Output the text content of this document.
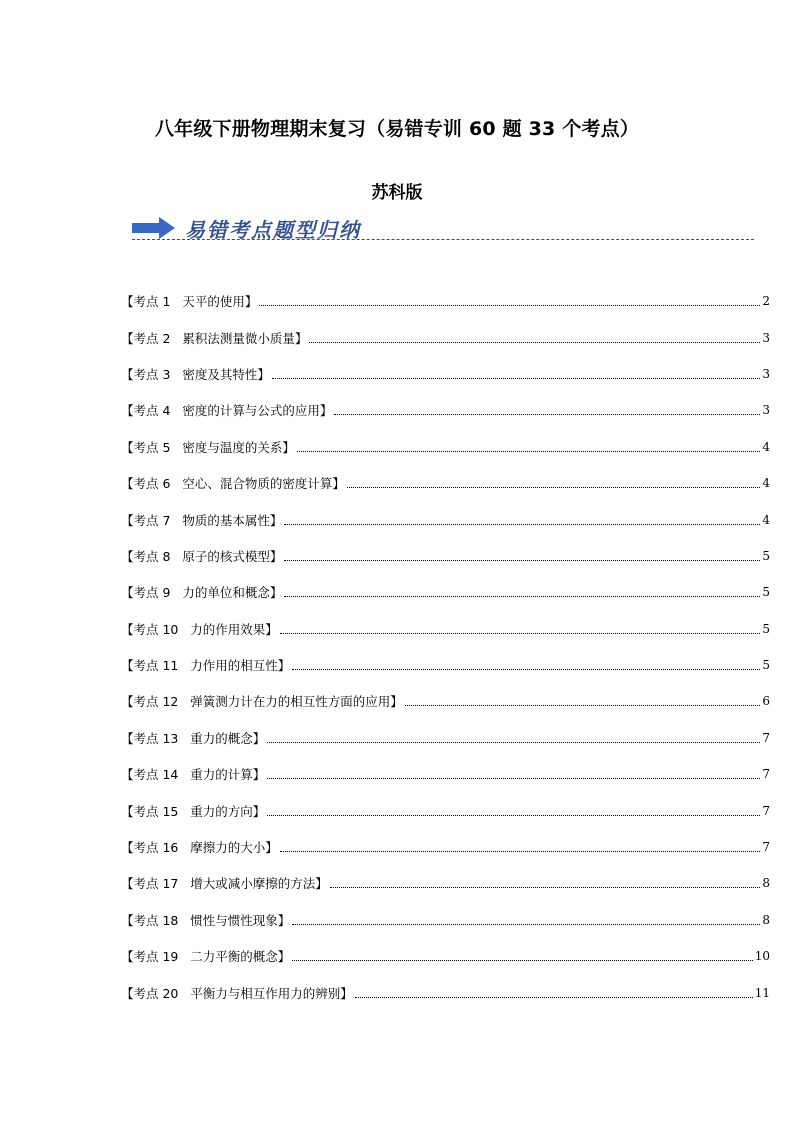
八年级下册物理期末复习（易错专训 60 题 33 个考点）
苏科版
易错考点题型归纳
【考点 1   天平的使用】	2
【考点 2   累积法测量微小质量】	3
【考点 3   密度及其特性】	3
【考点 4   密度的计算与公式的应用】	3
【考点 5   密度与温度的关系】	4
【考点 6   空心、混合物质的密度计算】	4
【考点 7   物质的基本属性】	4
【考点 8   原子的核式模型】	5
【考点 9   力的单位和概念】	5
【考点 10   力的作用效果】	5
【考点 11   力作用的相互性】	5
【考点 12   弹簧测力计在力的相互性方面的应用】	6
【考点 13   重力的概念】	7
【考点 14   重力的计算】	7
【考点 15   重力的方向】	7
【考点 16   摩擦力的大小】	7
【考点 17   增大或减小摩擦的方法】	8
【考点 18   惯性与惯性现象】	8
【考点 19   二力平衡的概念】	10
【考点 20   平衡力与相互作用力的辨别】	11
